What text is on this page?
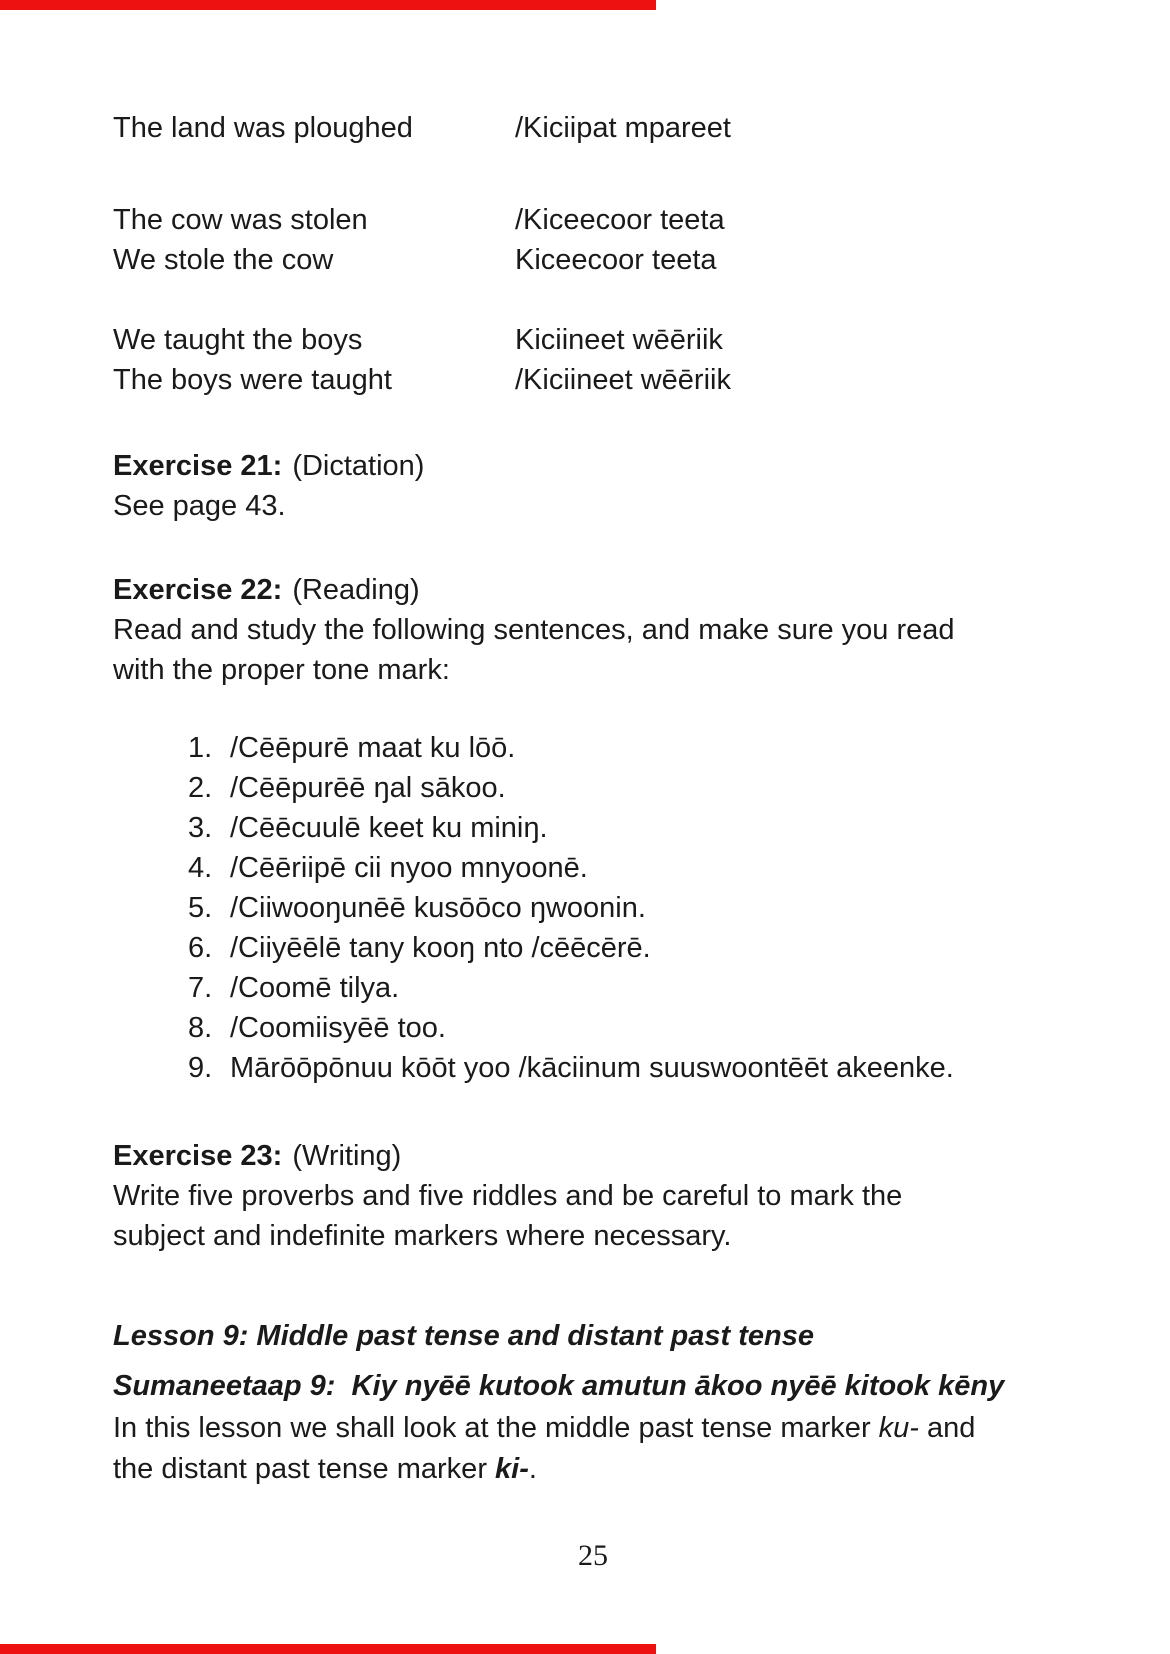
The land was ploughed	/Kiciipat mpareet
The cow was stolen	/Kiceecoor teeta
We stole the cow	Kiceecoor teeta
We taught the boys	Kiciineet wēēriik
The boys were taught	/Kiciineet wēēriik
Exercise 21: (Dictation)
See page 43.
Exercise 22: (Reading)
Read and study the following sentences, and make sure you read
with the proper tone mark:
1. /Cēēpurē maat ku lōō.
2. /Cēēpurēē ŋal sākoo.
3. /Cēēcuulē keet ku miniŋ.
4. /Cēēriipē cii nyoo mnyoonē.
5. /Ciiwooŋunēē kusōōco ŋwoonin.
6. /Ciiyēēlē tany kooŋ nto /cēēcērē.
7. /Coomē tilya.
8. /Coomiisyēē too.
9. Mārōōpōnuu kōōt yoo /kāciinum suuswoontēēt akeenke.
Exercise 23: (Writing)
Write five proverbs and five riddles and be careful to mark the
subject and indefinite markers where necessary.
Lesson 9: Middle past tense and distant past tense
Sumaneetaap 9:  Kiy nyēē kutook amutun ākoo nyēē kitook kēny
In this lesson we shall look at the middle past tense marker ku- and
the distant past tense marker ki-.
25
